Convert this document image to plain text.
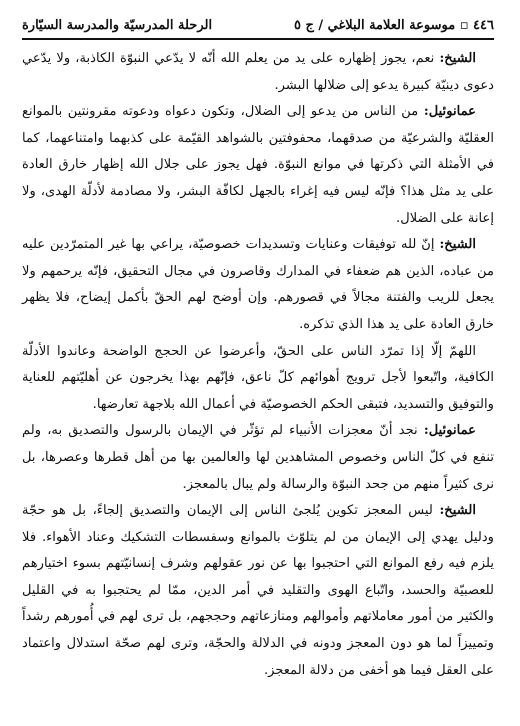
٤٤٦ ▫ موسوعة العلامة البلاغي / ج ٥
الرحلة المدرسيّة والمدرسة السيّارة

الشيخ: نعم، يجوز إظهاره على يد من يعلم الله أنّه لا يدّعي النبوّة الكاذبة، ولا يدّعي دعوى دينيّة كبيرة يدعو إلى ضلالها البشر.

عمانوئيل: من الناس من يدعو إلى الضلال، وتكون دعواه ودعوته مقرونتين بالموانع العقليّة والشرعيّة من صدقهما، محفوفتين بالشواهد القيّمة على كذبهما وامتناعهما، كما في الأمثلة التي ذكرتها في موانع النبوّة. فهل يجوز على جلال الله إظهار خارق العادة على يد مثل هذا؟ فإنّه ليس فيه إغراء بالجهل لكافّة البشر، ولا مصادمة لأدلّة الهدى، ولا إعانة على الضلال.

الشيخ: إنّ لله توفيقات وعنايات وتسديدات خصوصيّة، يراعي بها غير المتمرّدين عليه من عباده، الذين هم ضعفاء في المدارك وقاصرون في مجال التحقيق، فإنّه يرحمهم ولا يجعل للريب والفتنة مجالاً في قصورهم. وإن أوضح لهم الحقّ بأكمل إيضاح، فلا يظهر خارق العادة على يد هذا الذي تذكره.

اللهمّ إلّا إذا تمرّد الناس على الحقّ، وأعرضوا عن الحجج الواضحة وعاندوا الأدلّة الكافية، واتّبعوا لأجل ترويج أهوائهم كلّ ناعق، فإنّهم بهذا يخرجون عن أهليّتهم للعناية والتوفيق والتسديد، فتبقى الحكم الخصوصيّة في أعمال الله بلاجهة تعارضها.

عمانوئيل: نجد أنّ معجزات الأنبياء لم تؤثّر في الإيمان بالرسول والتصديق به، ولم تنفع في كلّ الناس وخصوص المشاهدين لها والعالمين بها من أهل قطرها وعصرها، بل نرى كثيراً منهم من جحد النبوّة والرسالة ولم يبال بالمعجز.

الشيخ: ليس المعجز تكوين يُلجئ الناس إلى الإيمان والتصديق إلجاءً، بل هو حجّة ودليل يهدي إلى الإيمان من لم يتلوّث بالموانع وسفسطات التشكيك وعناد الأهواء. فلا يلزم فيه رفع الموانع التي احتجبوا بها عن نور عقولهم وشرف إنسانيّتهم بسوء اختيارهم للعصبيّة والحسد، واتّباع الهوى والتقليد في أمر الدين، ممّا لم يحتجبوا به في القليل والكثير من أمور معاملاتهم وأموالهم ومنازعاتهم وحججهم، بل ترى لهم في أُمورهم رشداً وتمييزاً لما هو دون المعجز ودونه في الدلالة والحجّة، وترى لهم صحّة استدلال واعتماد على العقل فيما هو أخفى من دلالة المعجز.
